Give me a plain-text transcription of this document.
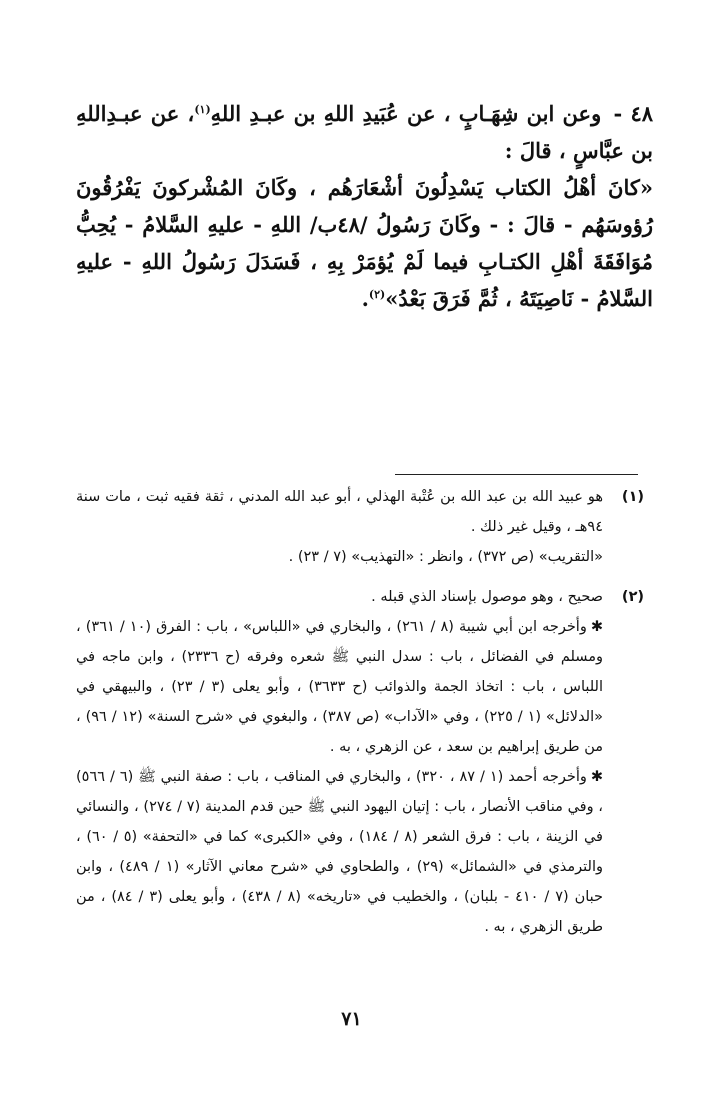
٤٨ - وعن ابن شِهَـابٍ ، عن عُبَيدِ اللهِ بن عبـدِ اللهِ$^{(١)}$، عن عبـدِاللهِ بن عبَّاسٍ ، قالَ :

«كانَ أهْلُ الكتاب يَسْدِلُونَ أشْعَارَهُم ، وكَانَ المُشْركونَ يَفْرُقُونَ رُؤوسَهُم - قالَ : - وكَانَ رَسُولُ /٤٨ب/ اللهِ - عليهِ السَّلامُ - يُحِبُّ مُوَافَقَةَ أهْلِ الكتـابِ فيما لَمْ يُؤمَرْ بِهِ ، فَسَدَلَ رَسُولُ اللهِ - عليهِ السَّلامُ - نَاصِيَتَهُ ، ثُمَّ فَرَقَ بَعْدُ»$^{(٢)}$.

(١)

هو عبيد الله بن عبد الله بن عُتْبة الهذلي ، أبو عبد الله المدني ، ثقة فقيه ثبت ، مات سنة ٩٤هـ ، وقيل غير ذلك .

«التقريب» (ص ٣٧٢) ، وانظر : «التهذيب» (٧ / ٢٣) .

(٢)

صحيح ، وهو موصول بإسناد الذي قبله .

✱وأخرجه ابن أبي شيبة (٨ / ٢٦١) ، والبخاري في «اللباس» ، باب : الفرق (١٠ / ٣٦١) ، ومسلم في الفضائل ، باب : سدل النبي ﷺ شعره وفرقه (ح ٢٣٣٦) ، وابن ماجه في اللباس ، باب : اتخاذ الجمة والذوائب (ح ٣٦٣٣) ، وأبو يعلى (٣ / ٢٣) ، والبيهقي في «الدلائل» (١ / ٢٢٥) ، وفي «الآداب» (ص ٣٨٧) ، والبغوي في «شرح السنة» (١٢ / ٩٦) ، من طريق إبراهيم بن سعد ، عن الزهري ، به .

✱وأخرجه أحمد (١ / ٨٧ ، ٣٢٠) ، والبخاري في المناقب ، باب : صفة النبي ﷺ (٦ / ٥٦٦) ، وفي مناقب الأنصار ، باب : إتيان اليهود النبي ﷺ حين قدم المدينة (٧ / ٢٧٤) ، والنسائي في الزينة ، باب : فرق الشعر (٨ / ١٨٤) ، وفي «الكبرى» كما في «التحفة» (٥ / ٦٠) ، والترمذي في «الشمائل» (٢٩) ، والطحاوي في «شرح معاني الآثار» (١ / ٤٨٩) ، وابن حبان (٧ / ٤١٠ - بلبان) ، والخطيب في «تاريخه» (٨ / ٤٣٨) ، وأبو يعلى (٣ / ٨٤) ، من طريق الزهري ، به .

٧١
